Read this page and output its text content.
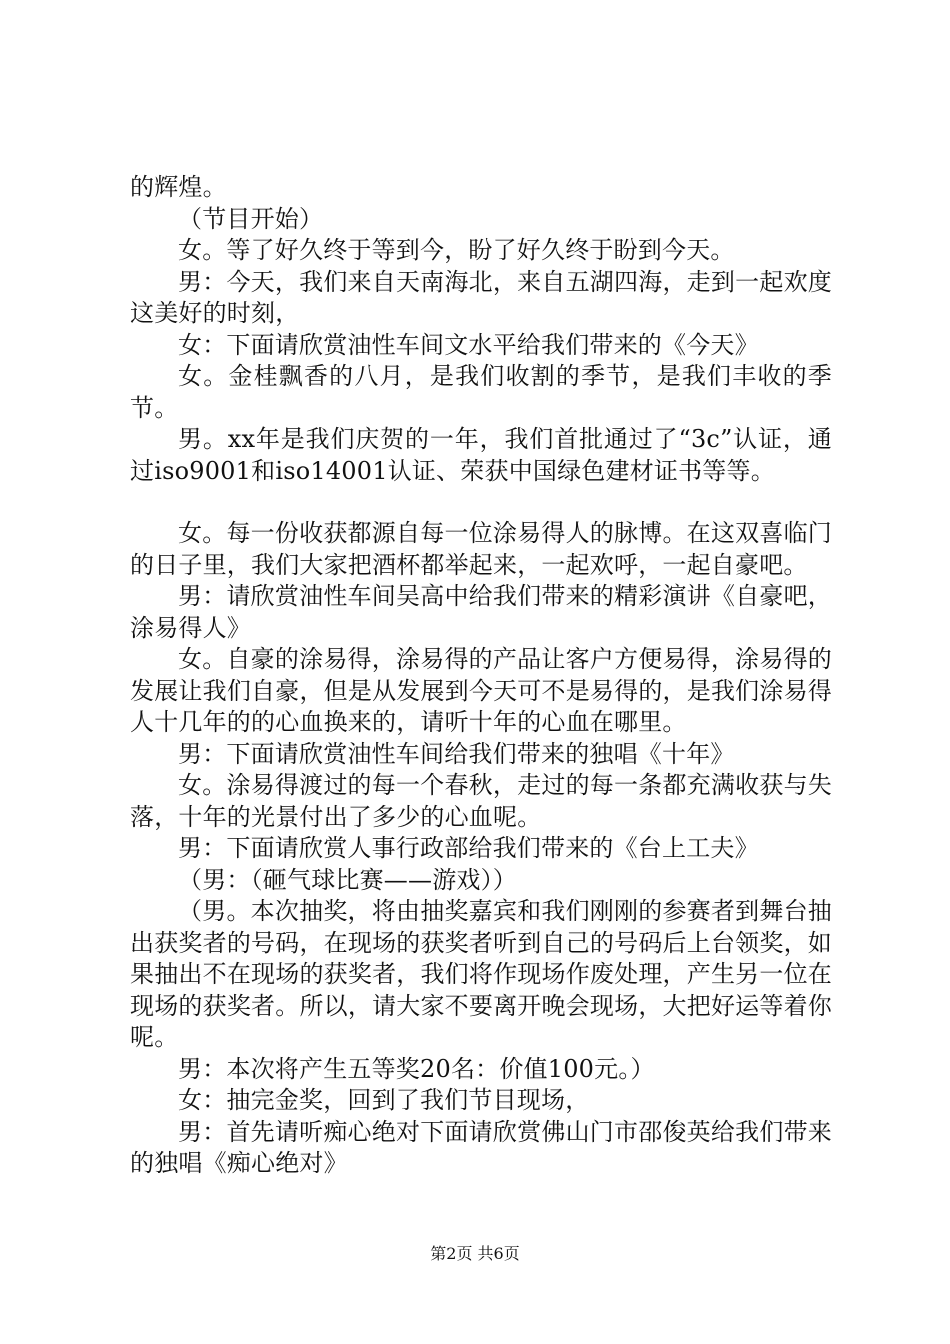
的辉煌。

（节目开始）

女。等了好久终于等到今，盼了好久终于盼到今天。

男：今天，我们来自天南海北，来自五湖四海，走到一起欢度这美好的时刻，

女：下面请欣赏油性车间文水平给我们带来的《今天》

女。金桂飘香的八月，是我们收割的季节，是我们丰收的季节。

男。xx年是我们庆贺的一年，我们首批通过了“3c”认证，通过iso9001和iso14001认证、荣获中国绿色建材证书等等。

女。每一份收获都源自每一位涂易得人的脉博。在这双喜临门的日子里，我们大家把酒杯都举起来，一起欢呼，一起自豪吧。

男：请欣赏油性车间吴高中给我们带来的精彩演讲《自豪吧，涂易得人》

女。自豪的涂易得，涂易得的产品让客户方便易得，涂易得的发展让我们自豪，但是从发展到今天可不是易得的，是我们涂易得人十几年的的心血换来的，请听十年的心血在哪里。

男：下面请欣赏油性车间给我们带来的独唱《十年》

女。涂易得渡过的每一个春秋，走过的每一条都充满收获与失落，十年的光景付出了多少的心血呢。

男：下面请欣赏人事行政部给我们带来的《台上工夫》

（男：（砸气球比赛——游戏））

（男。本次抽奖，将由抽奖嘉宾和我们刚刚的参赛者到舞台抽出获奖者的号码，在现场的获奖者听到自己的号码后上台领奖，如果抽出不在现场的获奖者，我们将作现场作废处理，产生另一位在现场的获奖者。所以，请大家不要离开晚会现场，大把好运等着你呢。

男：本次将产生五等奖20名：价值100元。）

女：抽完金奖，回到了我们节目现场，

男：首先请听痴心绝对下面请欣赏佛山门市邵俊英给我们带来的独唱《痴心绝对》

第2页 共6页
